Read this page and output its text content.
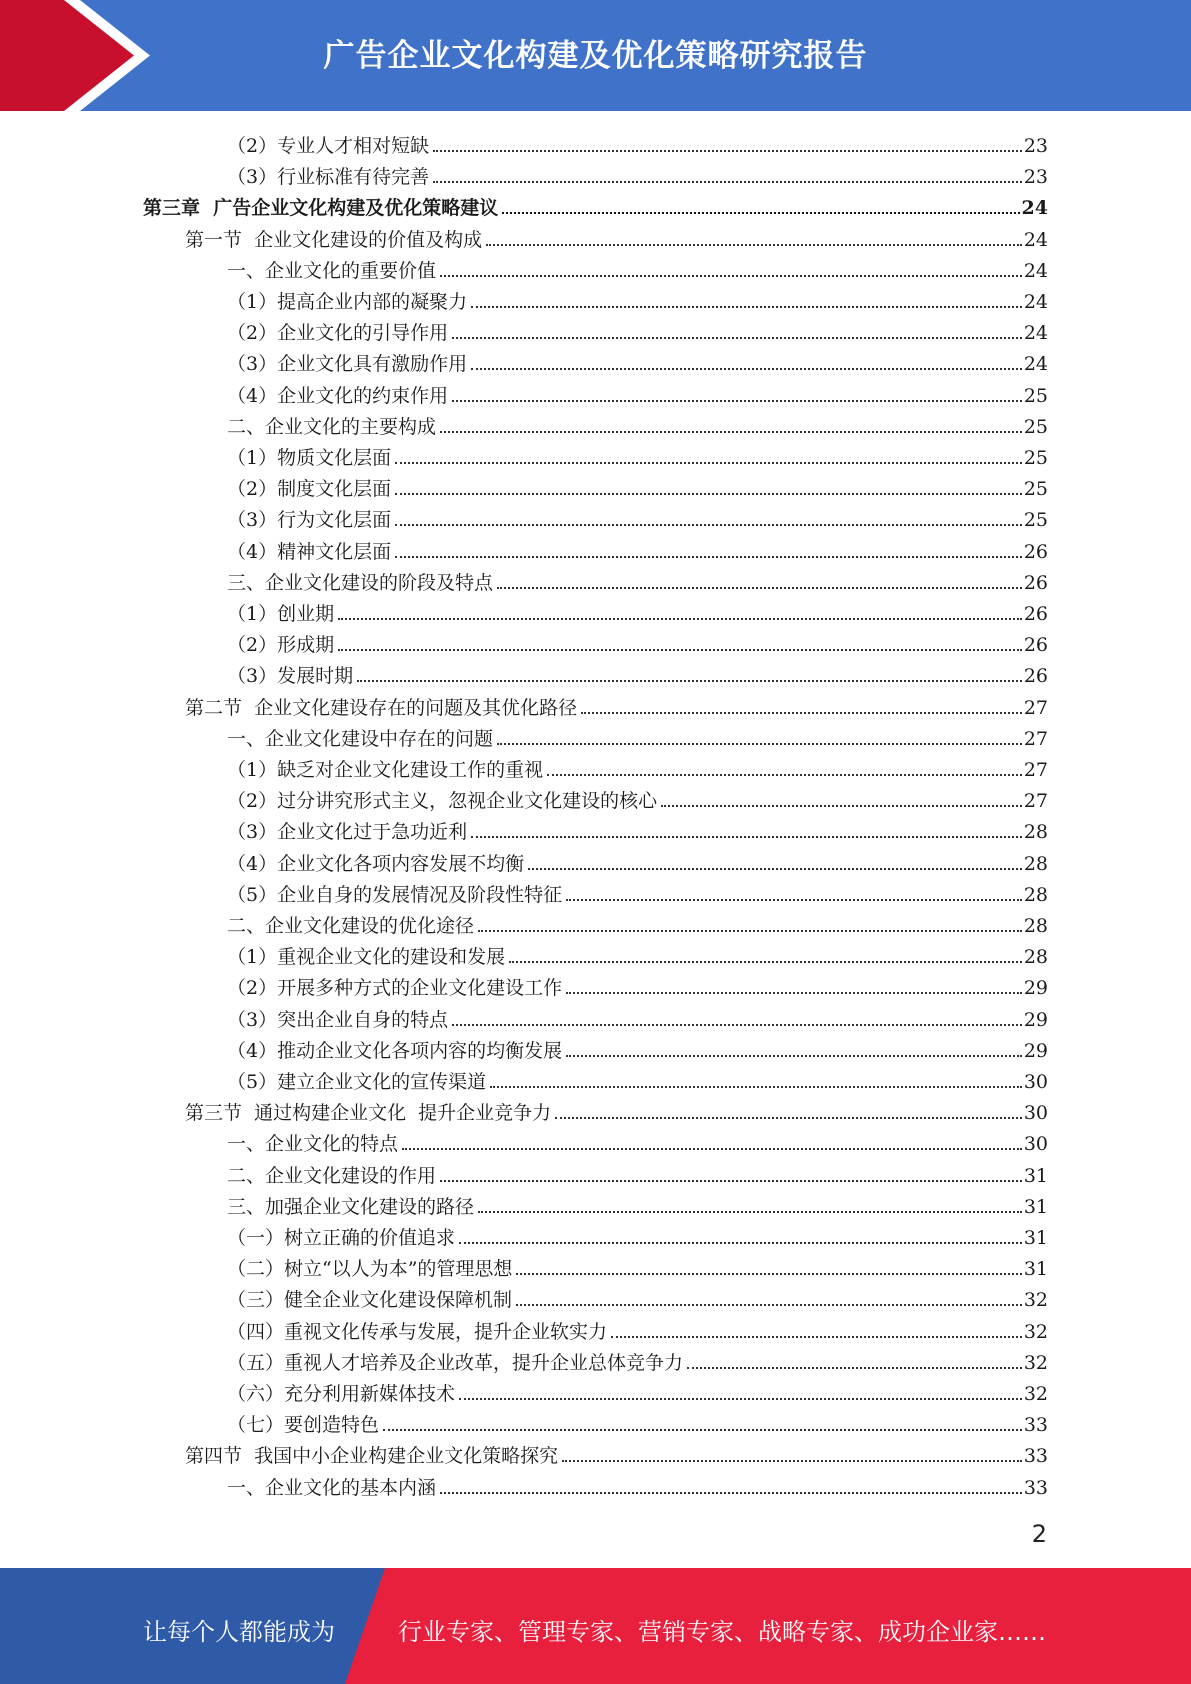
广告企业文化构建及优化策略研究报告
（2）专业人才相对短缺	23
（3）行业标准有待完善	23
第三章  广告企业文化构建及优化策略建议	24
第一节  企业文化建设的价值及构成	24
一、企业文化的重要价值	24
（1）提高企业内部的凝聚力	24
（2）企业文化的引导作用	24
（3）企业文化具有激励作用	24
（4）企业文化的约束作用	25
二、企业文化的主要构成	25
（1）物质文化层面	25
（2）制度文化层面	25
（3）行为文化层面	25
（4）精神文化层面	26
三、企业文化建设的阶段及特点	26
（1）创业期	26
（2）形成期	26
（3）发展时期	26
第二节  企业文化建设存在的问题及其优化路径	27
一、企业文化建设中存在的问题	27
（1）缺乏对企业文化建设工作的重视	27
（2）过分讲究形式主义，忽视企业文化建设的核心	27
（3）企业文化过于急功近利	28
（4）企业文化各项内容发展不均衡	28
（5）企业自身的发展情况及阶段性特征	28
二、企业文化建设的优化途径	28
（1）重视企业文化的建设和发展	28
（2）开展多种方式的企业文化建设工作	29
（3）突出企业自身的特点	29
（4）推动企业文化各项内容的均衡发展	29
（5）建立企业文化的宣传渠道	30
第三节  通过构建企业文化  提升企业竞争力	30
一、企业文化的特点	30
二、企业文化建设的作用	31
三、加强企业文化建设的路径	31
（一）树立正确的价值追求	31
（二）树立“以人为本”的管理思想	31
（三）健全企业文化建设保障机制	32
（四）重视文化传承与发展，提升企业软实力	32
（五）重视人才培养及企业改革，提升企业总体竞争力	32
（六）充分利用新媒体技术	32
（七）要创造特色	33
第四节  我国中小企业构建企业文化策略探究	33
一、企业文化的基本内涵	33
2
让每个人都能成为	行业专家、管理专家、营销专家、战略专家、成功企业家……
